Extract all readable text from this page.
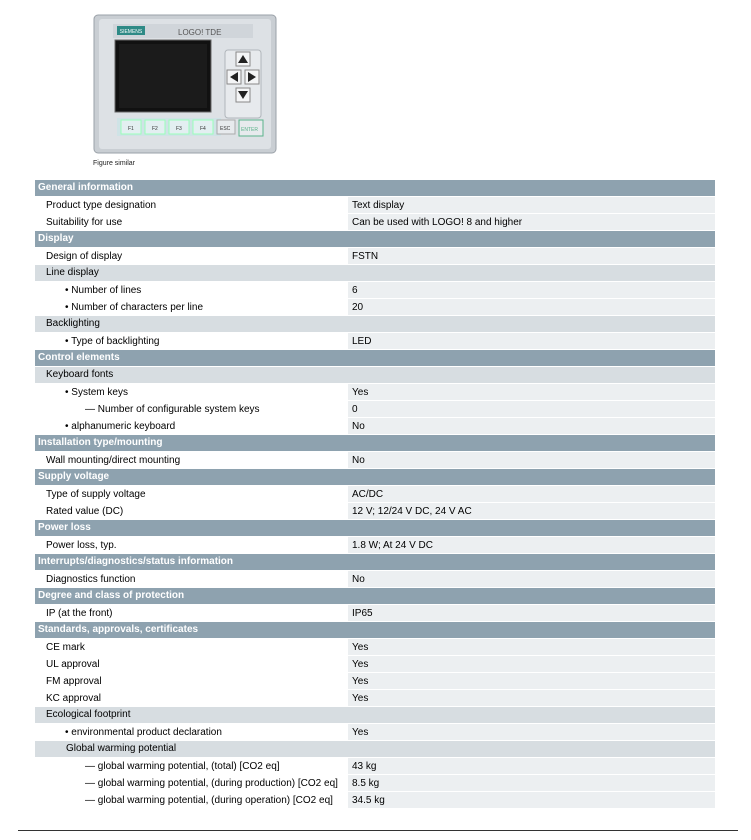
SIEMENS	LOGO! TDE
F1	F2	F3	F4	ESC ENTER
Figure similar
General information
Product type designation	Text display
Suitability for use	Can be used with LOGO! 8 and higher
Display
Design of display	FSTN
Line display
• Number of lines	6
• Number of characters per line	20
Backlighting
• Type of backlighting	LED
Control elements
Keyboard fonts
• System keys	Yes
— Number of configurable system keys	0
• alphanumeric keyboard	No
Installation type/mounting
Wall mounting/direct mounting	No
Supply voltage
Type of supply voltage	AC/DC
Rated value (DC)	12 V; 12/24 V DC, 24 V AC
Power loss
Power loss, typ.	1.8 W; At 24 V DC
Interrupts/diagnostics/status information
Diagnostics function	No
Degree and class of protection
IP (at the front)	IP65
Standards, approvals, certificates
CE mark	Yes
UL approval	Yes
FM approval	Yes
KC approval	Yes
Ecological footprint
• environmental product declaration	Yes
Global warming potential
— global warming potential, (total) [CO2 eq]	43 kg
— global warming potential, (during production) [CO2 eq]	8.5 kg
— global warming potential, (during operation) [CO2 eq]	34.5 kg
